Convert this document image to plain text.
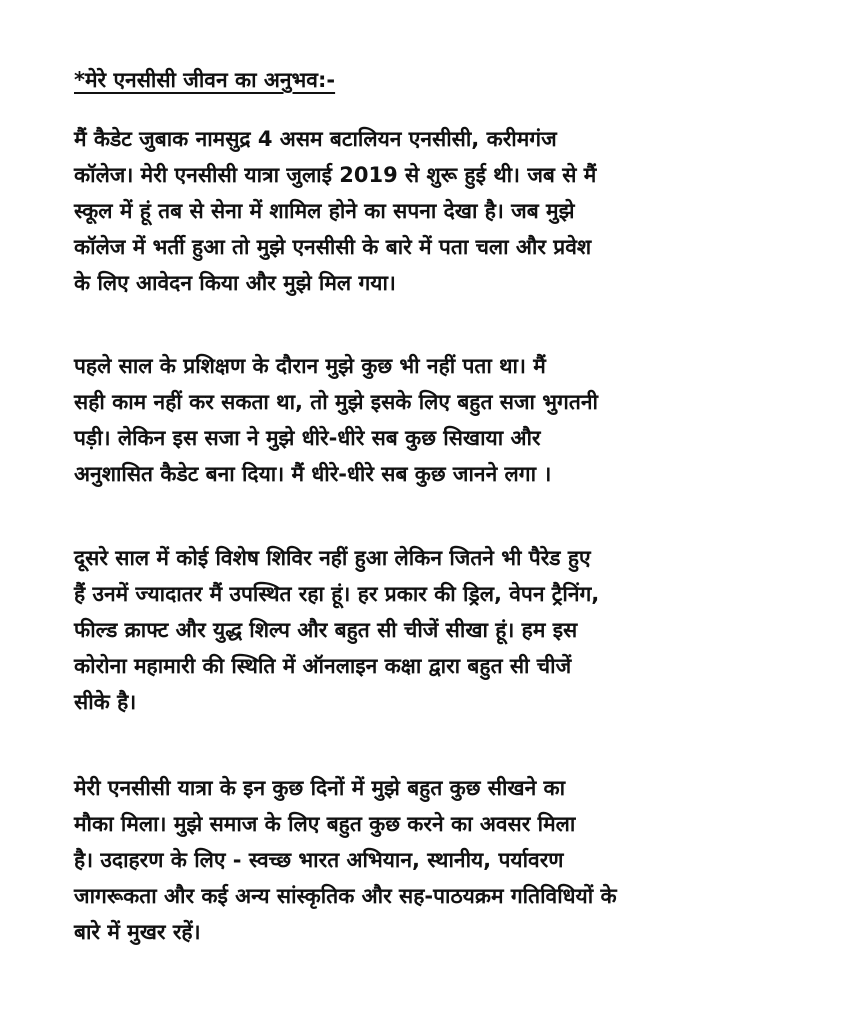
*मेरे एनसीसी जीवन का अनुभव:-
मैं कैडेट जुबाक नामसुद्र 4 असम बटालियन एनसीसी, करीमगंज
कॉलेज। मेरी एनसीसी यात्रा जुलाई 2019 से शुरू हुई थी। जब से मैं
स्कूल में हूं तब से सेना में शामिल होने का सपना देखा है। जब मुझे
कॉलेज में भर्ती हुआ तो मुझे एनसीसी के बारे में पता चला और प्रवेश
के लिए आवेदन किया और मुझे मिल गया।
पहले साल के प्रशिक्षण के दौरान मुझे कुछ भी नहीं पता था। मैं
सही काम नहीं कर सकता था, तो मुझे इसके लिए बहुत सजा भुगतनी
पड़ी। लेकिन इस सजा ने मुझे धीरे-धीरे सब कुछ सिखाया और
अनुशासित कैडेट बना दिया। मैं धीरे-धीरे सब कुछ जानने लगा ।
दूसरे साल में कोई विशेष शिविर नहीं हुआ लेकिन जितने भी पैरेड हुए
हैं उनमें ज्यादातर मैं उपस्थित रहा हूं। हर प्रकार की ड्रिल, वेपन ट्रैनिंग,
फील्ड क्राफ्ट और युद्ध शिल्प और बहुत सी चीजें सीखा हूं। हम इस
कोरोना महामारी की स्थिति में ऑनलाइन कक्षा द्वारा बहुत सी चीजें
सीके है।
मेरी एनसीसी यात्रा के इन कुछ दिनों में मुझे बहुत कुछ सीखने का
मौका मिला। मुझे समाज के लिए बहुत कुछ करने का अवसर मिला
है। उदाहरण के लिए - स्वच्छ भारत अभियान, स्थानीय, पर्यावरण
जागरूकता और कई अन्य सांस्कृतिक और सह-पाठयक्रम गतिविधियों के
बारे में मुखर रहें।
